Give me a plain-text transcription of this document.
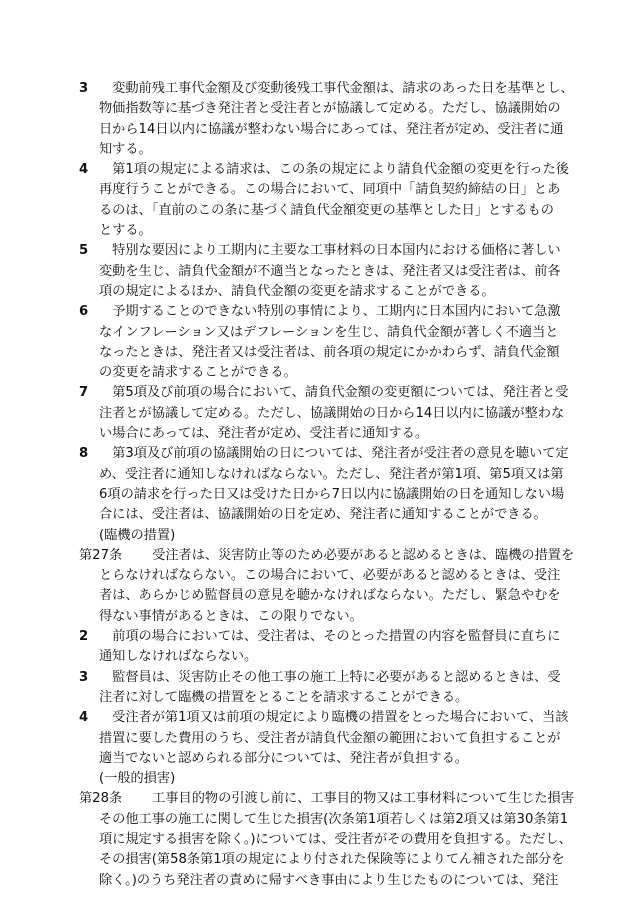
3 　変動前残工事代金額及び変動後残工事代金額は、請求のあった日を基準とし、
物価指数等に基づき発注者と受注者とが協議して定める。ただし、協議開始の
日から14日以内に協議が整わない場合にあっては、発注者が定め、受注者に通
知する。
4 　第1項の規定による請求は、この条の規定により請負代金額の変更を行った後
再度行うことができる。この場合において、同項中「請負契約締結の日」とあ
るのは、「直前のこの条に基づく請負代金額変更の基準とした日」とするもの
とする。
5 　特別な要因により工期内に主要な工事材料の日本国内における価格に著しい
変動を生じ、請負代金額が不適当となったときは、発注者又は受注者は、前各
項の規定によるほか、請負代金額の変更を請求することができる。
6 　予期することのできない特別の事情により、工期内に日本国内において急激
なインフレーション又はデフレーションを生じ、請負代金額が著しく不適当と
なったときは、発注者又は受注者は、前各項の規定にかかわらず、請負代金額
の変更を請求することができる。
7 　第5項及び前項の場合において、請負代金額の変更額については、発注者と受
注者とが協議して定める。ただし、協議開始の日から14日以内に協議が整わな
い場合にあっては、発注者が定め、受注者に通知する。
8 　第3項及び前項の協議開始の日については、発注者が受注者の意見を聴いて定
め、受注者に通知しなければならない。ただし、発注者が第1項、第5項又は第
6項の請求を行った日又は受けた日から7日以内に協議開始の日を通知しない場
合には、受注者は、協議開始の日を定め、発注者に通知することができる。
(臨機の措置)
第27条	　受注者は、災害防止等のため必要があると認めるときは、臨機の措置を
とらなければならない。この場合において、必要があると認めるときは、受注
者は、あらかじめ監督員の意見を聴かなければならない。ただし、緊急やむを
得ない事情があるときは、この限りでない。
2 　前項の場合においては、受注者は、そのとった措置の内容を監督員に直ちに
通知しなければならない。
3 　監督員は、災害防止その他工事の施工上特に必要があると認めるときは、受
注者に対して臨機の措置をとることを請求することができる。
4 　受注者が第1項又は前項の規定により臨機の措置をとった場合において、当該
措置に要した費用のうち、受注者が請負代金額の範囲において負担することが
適当でないと認められる部分については、発注者が負担する。
(一般的損害)
第28条	　工事目的物の引渡し前に、工事目的物又は工事材料について生じた損害
その他工事の施工に関して生じた損害(次条第1項若しくは第2項又は第30条第1
項に規定する損害を除く。)については、受注者がその費用を負担する。ただし、
その損害(第58条第1項の規定により付された保険等によりてん補された部分を
除く。)のうち発注者の責めに帰すべき事由により生じたものについては、発注
